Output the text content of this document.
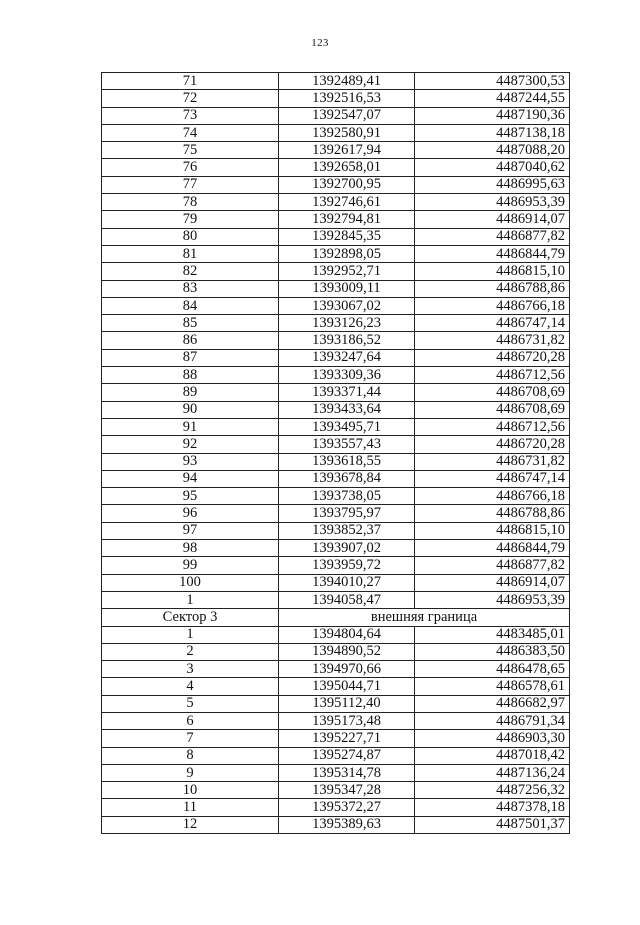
123
71	1392489,41	4487300,53
72	1392516,53	4487244,55
73	1392547,07	4487190,36
74	1392580,91	4487138,18
75	1392617,94	4487088,20
76	1392658,01	4487040,62
77	1392700,95	4486995,63
78	1392746,61	4486953,39
79	1392794,81	4486914,07
80	1392845,35	4486877,82
81	1392898,05	4486844,79
82	1392952,71	4486815,10
83	1393009,11	4486788,86
84	1393067,02	4486766,18
85	1393126,23	4486747,14
86	1393186,52	4486731,82
87	1393247,64	4486720,28
88	1393309,36	4486712,56
89	1393371,44	4486708,69
90	1393433,64	4486708,69
91	1393495,71	4486712,56
92	1393557,43	4486720,28
93	1393618,55	4486731,82
94	1393678,84	4486747,14
95	1393738,05	4486766,18
96	1393795,97	4486788,86
97	1393852,37	4486815,10
98	1393907,02	4486844,79
99	1393959,72	4486877,82
100	1394010,27	4486914,07
1	1394058,47	4486953,39
Сектор 3	внешняя граница	
1	1394804,64	4483485,01
2	1394890,52	4486383,50
3	1394970,66	4486478,65
4	1395044,71	4486578,61
5	1395112,40	4486682,97
6	1395173,48	4486791,34
7	1395227,71	4486903,30
8	1395274,87	4487018,42
9	1395314,78	4487136,24
10	1395347,28	4487256,32
11	1395372,27	4487378,18
12	1395389,63	4487501,37
